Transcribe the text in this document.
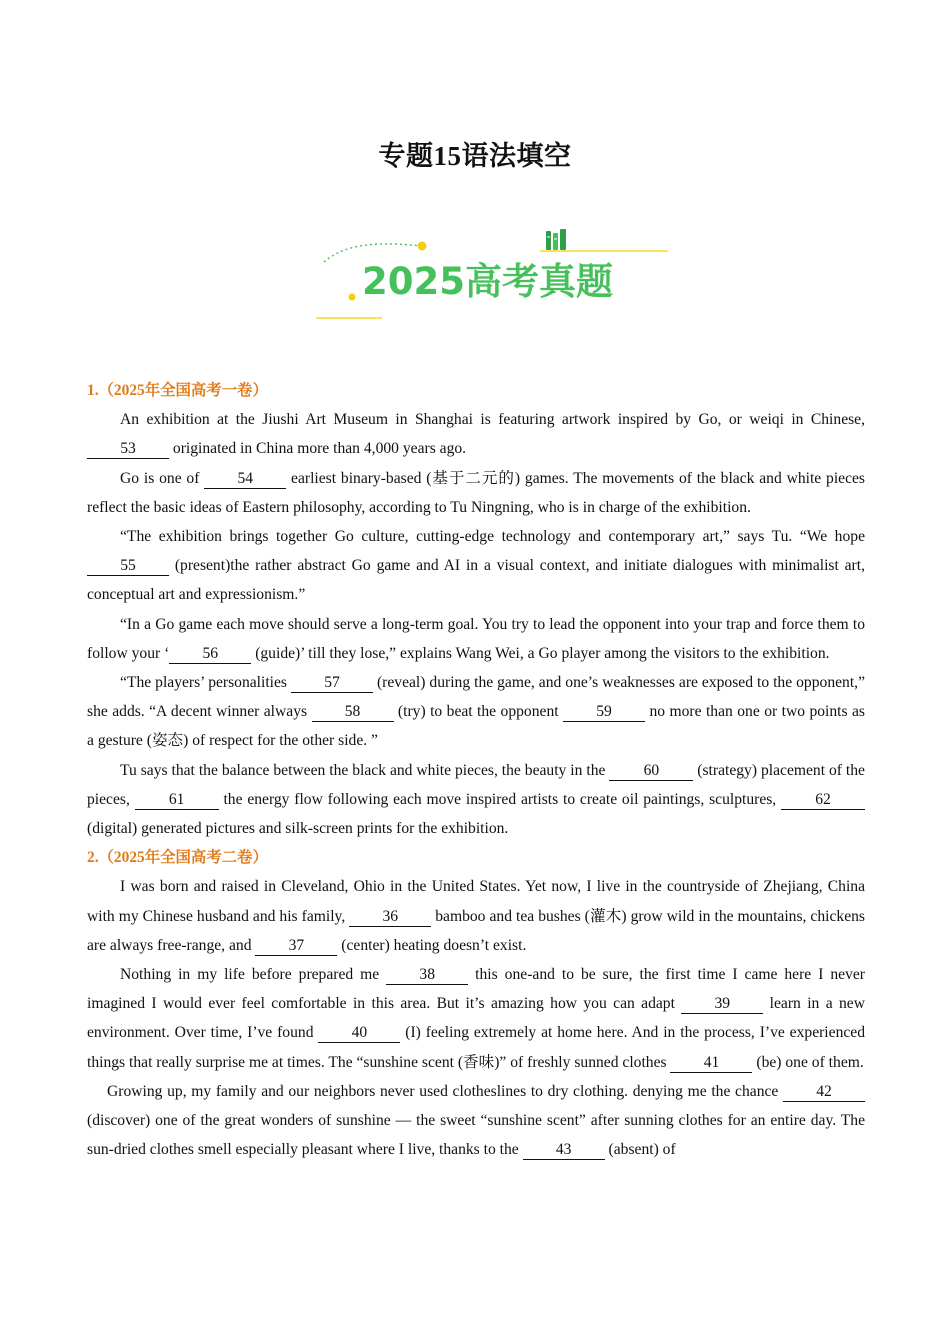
专题15语法填空
2025高考真题
1.（2025年全国高考一卷）
An exhibition at the Jiushi Art Museum in Shanghai is featuring artwork inspired by Go, or weiqi in Chinese, 53 originated in China more than 4,000 years ago.
Go is one of 54 earliest binary-based (基于二元的) games. The movements of the black and white pieces reflect the basic ideas of Eastern philosophy, according to Tu Ningning, who is in charge of the exhibition.
“The exhibition brings together Go culture, cutting-edge technology and contemporary art,” says Tu. “We hope 55 (present)the rather abstract Go game and AI in a visual context, and initiate dialogues with minimalist art, conceptual art and expressionism.”
“In a Go game each move should serve a long-term goal. You try to lead the opponent into your trap and force them to follow your ‘ 56 (guide)’ till they lose,” explains Wang Wei, a Go player among the visitors to the exhibition.
“The players’ personalities 57 (reveal) during the game, and one’s weaknesses are exposed to the opponent,” she adds. “A decent winner always 58 (try) to beat the opponent 59 no more than one or two points as a gesture (姿态) of respect for the other side. ”
Tu says that the balance between the black and white pieces, the beauty in the 60 (strategy) placement of the pieces, 61 the energy flow following each move inspired artists to create oil paintings, sculptures, 62 (digital) generated pictures and silk-screen prints for the exhibition.
2.（2025年全国高考二卷）
I was born and raised in Cleveland, Ohio in the United States. Yet now, I live in the countryside of Zhejiang, China with my Chinese husband and his family, 36 bamboo and tea bushes (灌木) grow wild in the mountains, chickens are always free-range, and 37 (center) heating doesn’t exist.
Nothing in my life before prepared me 38 this one-and to be sure, the first time I came here I never imagined I would ever feel comfortable in this area. But it’s amazing how you can adapt 39 learn in a new environment. Over time, I’ve found 40 (I) feeling extremely at home here. And in the process, I’ve experienced things that really surprise me at times. The “sunshine scent (香味)” of freshly sunned clothes 41 (be) one of them.
Growing up, my family and our neighbors never used clotheslines to dry clothing. denying me the chance 42 (discover) one of the great wonders of sunshine — the sweet “sunshine scent” after sunning clothes for an entire day. The sun-dried clothes smell especially pleasant where I live, thanks to the 43 (absent) of
